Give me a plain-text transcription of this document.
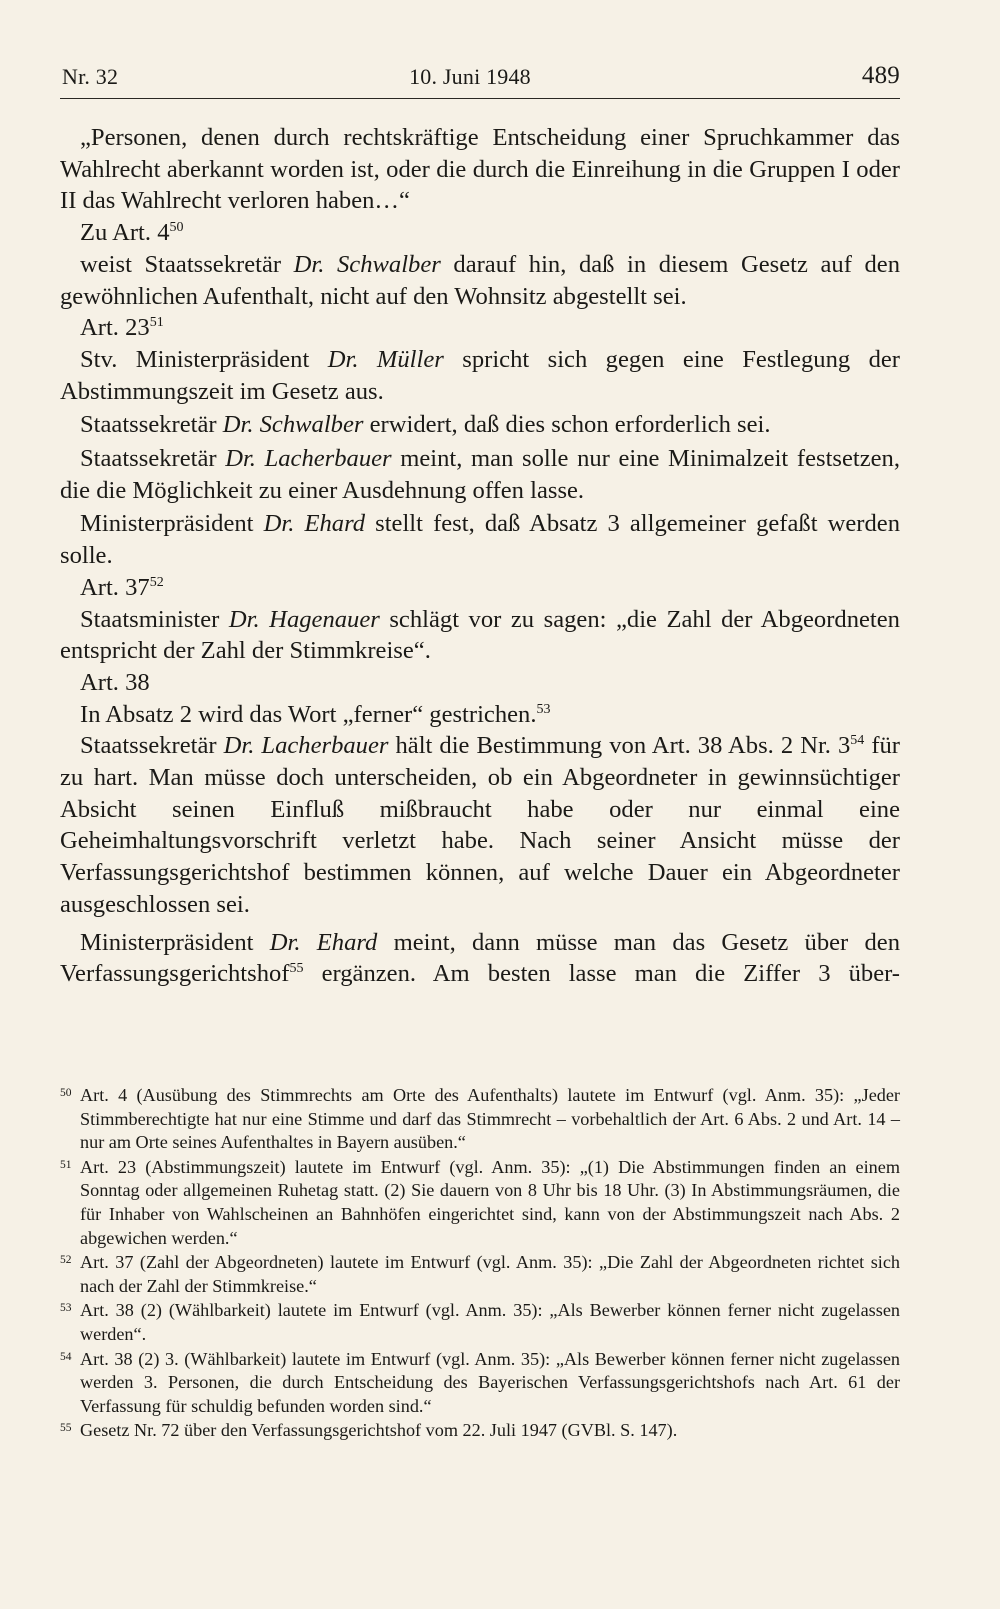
Nr. 32	10. Juni 1948	489

„Personen, denen durch rechtskräftige Entscheidung einer Spruchkammer das Wahlrecht aberkannt worden ist, oder die durch die Einreihung in die Gruppen I oder II das Wahlrecht verloren haben…“

Zu Art. $4^{50}$

weist Staatssekretär Dr. Schwalber darauf hin, daß in diesem Gesetz auf den gewöhnlichen Aufenthalt, nicht auf den Wohnsitz abgestellt sei.

Art. $23^{51}$

Stv. Ministerpräsident Dr. Müller spricht sich gegen eine Festlegung der Abstimmungszeit im Gesetz aus.

Staatssekretär Dr. Schwalber erwidert, daß dies schon erforderlich sei.

Staatssekretär Dr. Lacherbauer meint, man solle nur eine Minimalzeit festsetzen, die die Möglichkeit zu einer Ausdehnung offen lasse.

Ministerpräsident Dr. Ehard stellt fest, daß Absatz 3 allgemeiner gefaßt werden solle.

Art. $37^{52}$

Staatsminister Dr. Hagenauer schlägt vor zu sagen: „die Zahl der Abgeordneten entspricht der Zahl der Stimmkreise“.

Art. 38

In Absatz 2 wird das Wort „ferner“ gestrichen.$^{53}$

Staatssekretär Dr. Lacherbauer hält die Bestimmung von Art. 38 Abs. 2 Nr. $3^{54}$ für zu hart. Man müsse doch unterscheiden, ob ein Abgeordneter in gewinnsüchtiger Absicht seinen Einfluß mißbraucht habe oder nur einmal eine Geheimhaltungsvorschrift verletzt habe. Nach seiner Ansicht müsse der Verfassungsgerichtshof bestimmen können, auf welche Dauer ein Abgeordneter ausgeschlossen sei.

Ministerpräsident Dr. Ehard meint, dann müsse man das Gesetz über den Verfassungsgerichtshof$^{55}$ ergänzen. Am besten lasse man die Ziffer 3 über-

50 Art. 4 (Ausübung des Stimmrechts am Orte des Aufenthalts) lautete im Entwurf (vgl. Anm. 35): „Jeder Stimmberechtigte hat nur eine Stimme und darf das Stimmrecht – vorbehaltlich der Art. 6 Abs. 2 und Art. 14 – nur am Orte seines Aufenthaltes in Bayern ausüben.“

51 Art. 23 (Abstimmungszeit) lautete im Entwurf (vgl. Anm. 35): „(1) Die Abstimmungen finden an einem Sonntag oder allgemeinen Ruhetag statt. (2) Sie dauern von 8 Uhr bis 18 Uhr. (3) In Abstimmungsräumen, die für Inhaber von Wahlscheinen an Bahnhöfen eingerichtet sind, kann von der Abstimmungszeit nach Abs. 2 abgewichen werden.“

52 Art. 37 (Zahl der Abgeordneten) lautete im Entwurf (vgl. Anm. 35): „Die Zahl der Abgeordneten richtet sich nach der Zahl der Stimmkreise.“

53 Art. 38 (2) (Wählbarkeit) lautete im Entwurf (vgl. Anm. 35): „Als Bewerber können ferner nicht zugelassen werden“.

54 Art. 38 (2) 3. (Wählbarkeit) lautete im Entwurf (vgl. Anm. 35): „Als Bewerber können ferner nicht zugelassen werden 3. Personen, die durch Entscheidung des Bayerischen Verfassungsgerichtshofs nach Art. 61 der Verfassung für schuldig befunden worden sind.“

55 Gesetz Nr. 72 über den Verfassungsgerichtshof vom 22. Juli 1947 (GVBl. S. 147).
